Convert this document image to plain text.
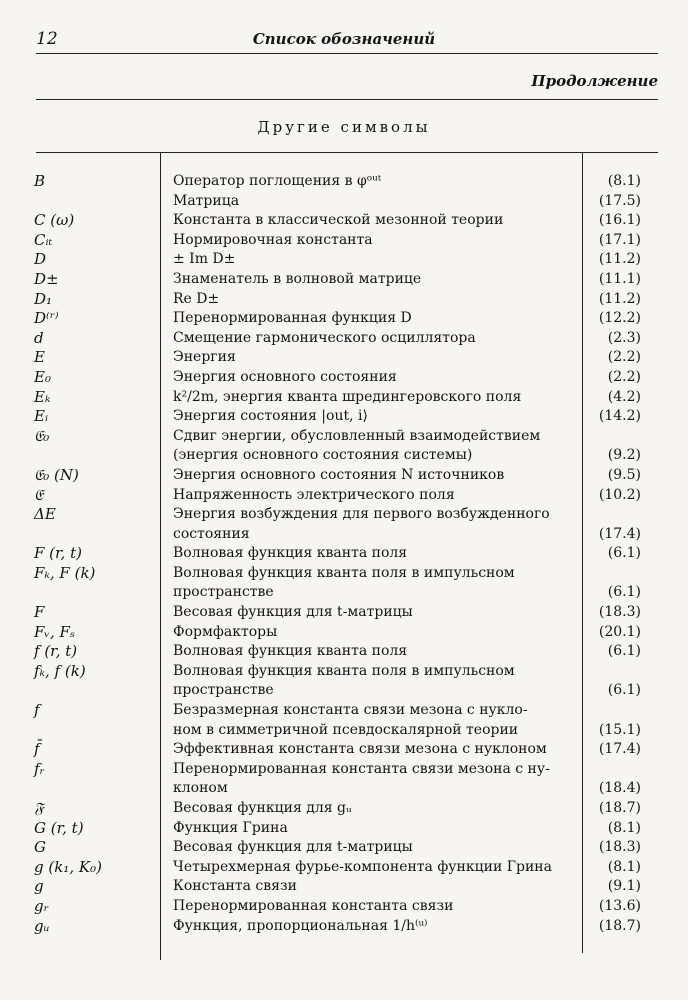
12	Список обозначений
Продолжение
Другие символы
B	Оператор поглощения в φᵒᵘᵗ	(8.1)
Матрица	(17.5)
C (ω)	Константа в классической мезонной теории	(16.1)
Cᵢₜ	Нормировочная константа	(17.1)
D	± Im D±	(11.2)
D±	Знаменатель в волновой матрице	(11.1)
D₁	Re D±	(11.2)
D⁽ʳ⁾	Перенормированная функция D	(12.2)
d	Смещение гармонического осциллятора	(2.3)
E	Энергия	(2.2)
E₀	Энергия основного состояния	(2.2)
Eₖ	k²/2m, энергия кванта шредингеровского поля	(4.2)
Eᵢ	Энергия состояния |out, i⟩	(14.2)
𝔈₀	Сдвиг энергии, обусловленный взаимодействием
(энергия основного состояния системы)	(9.2)
𝔈₀ (N)	Энергия основного состояния N источников	(9.5)
𝔈	Напряженность электрического поля	(10.2)
ΔE	Энергия возбуждения для первого возбужденного
состояния	(17.4)
F (r, t)	Волновая функция кванта поля	(6.1)
Fₖ, F (k)	Волновая функция кванта поля в импульсном
пространстве	(6.1)
F	Весовая функция для t-матрицы	(18.3)
Fᵥ, Fₛ	Формфакторы	(20.1)
f (r, t)	Волновая функция кванта поля	(6.1)
fₖ, f (k)	Волновая функция кванта поля в импульсном
пространстве	(6.1)
f	Безразмерная константа связи мезона с нукло-
ном в симметричной псевдоскалярной теории	(15.1)
f̄	Эффективная константа связи мезона с нуклоном	(17.4)
fᵣ	Перенормированная константа связи мезона с ну-
клоном	(18.4)
𝔉	Весовая функция для gᵤ	(18.7)
G (r, t)	Функция Грина	(8.1)
G	Весовая функция для t-матрицы	(18.3)
g (k₁, K₀)	Четырехмерная фурье-компонента функции Грина	(8.1)
g	Константа связи	(9.1)
gᵣ	Перенормированная константа связи	(13.6)
gᵤ	Функция, пропорциональная 1/h⁽ᵘ⁾	(18.7)
